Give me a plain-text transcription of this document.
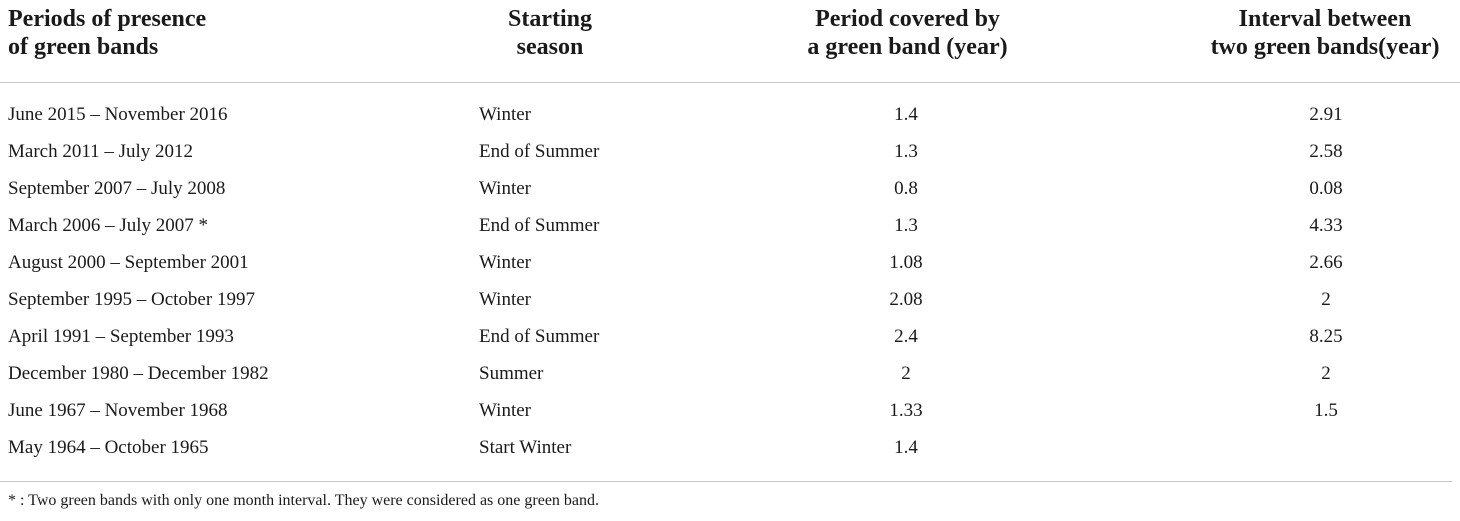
Periods of presence
of green bands
Starting
season
Period covered by
a green band (year)
Interval between
two green bands(year)
June 2015 – November 2016	Winter	1.4	2.91
March 2011 – July 2012	End of Summer	1.3	2.58
September 2007 – July 2008	Winter	0.8	0.08
March 2006 – July 2007 *	End of Summer	1.3	4.33
August 2000 – September 2001	Winter	1.08	2.66
September 1995 – October 1997	Winter	2.08	2
April 1991 – September 1993	End of Summer	2.4	8.25
December 1980 – December 1982	Summer	2	2
June 1967 – November 1968	Winter	1.33	1.5
May 1964 – October 1965	Start Winter	1.4
* : Two green bands with only one month interval. They were considered as one green band.
